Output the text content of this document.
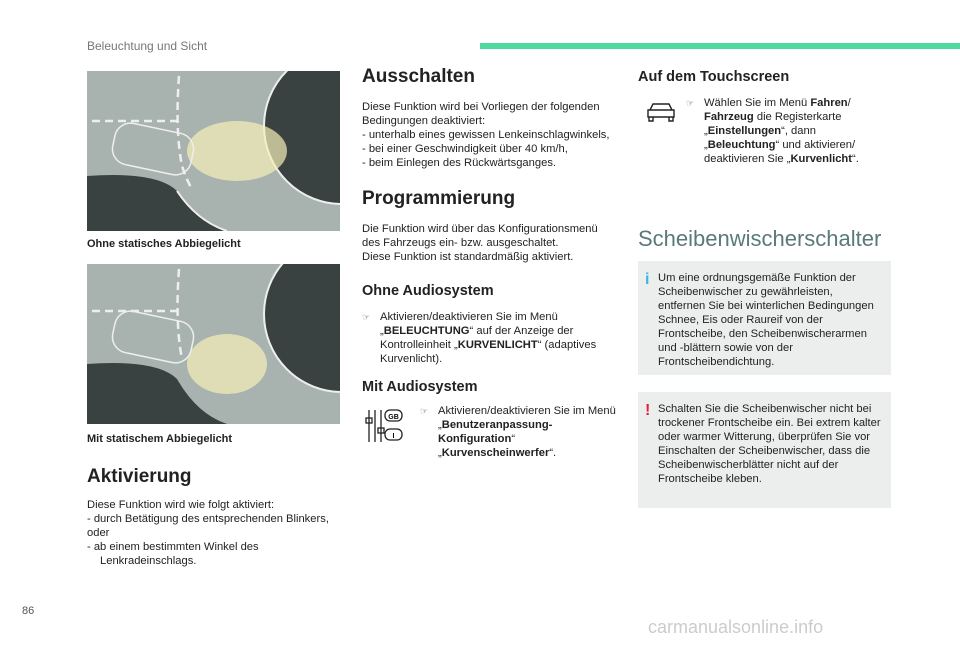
Beleuchtung und Sicht
Ohne statisches Abbiegelicht
Mit statischem Abbiegelicht
Aktivierung

Diese Funktion wird wie folgt aktiviert:

- durch Betätigung des entsprechenden Blinkers,

oder

- ab einem bestimmten Winkel des Lenkradeinschlags.

Ausschalten

Diese Funktion wird bei Vorliegen der folgenden Bedingungen deaktiviert:

- unterhalb eines gewissen Lenkeinschlagwinkels,

- bei einer Geschwindigkeit über 40 km/h,

- beim Einlegen des Rückwärtsganges.

Programmierung

Die Funktion wird über das Konfigurationsmenü des Fahrzeugs ein- bzw. ausgeschaltet.

Diese Funktion ist standardmäßig aktiviert.

Ohne Audiosystem
☞ Aktivieren/deaktivieren Sie im Menü „BELEUCHTUNG“ auf der Anzeige der Kontrolleinheit „KURVENLICHT“ (adaptives Kurvenlicht).
Mit Audiosystem
GB
I
☞ Aktivieren/deaktivieren Sie im Menü „Benutzeranpassung-Konfiguration“ „Kurvenscheinwerfer“.
Auf dem Touchscreen
☞ Wählen Sie im Menü Fahren/ Fahrzeug die Registerkarte „Einstellungen“, dann „Beleuchtung“ und aktivieren/ deaktivieren Sie „Kurvenlicht“.
Scheibenwischerschalter
i Um eine ordnungsgemäße Funktion der Scheibenwischer zu gewährleisten, entfernen Sie bei winterlichen Bedingungen Schnee, Eis oder Raureif von der Frontscheibe, den Scheibenwischerarmen und -blättern sowie von der Frontscheibendichtung.

! Schalten Sie die Scheibenwischer nicht bei trockener Frontscheibe ein. Bei extrem kalter oder warmer Witterung, überprüfen Sie vor Einschalten der Scheibenwischer, dass die Scheibenwischerblätter nicht auf der Frontscheibe kleben.

86
carmanualsonline.info
